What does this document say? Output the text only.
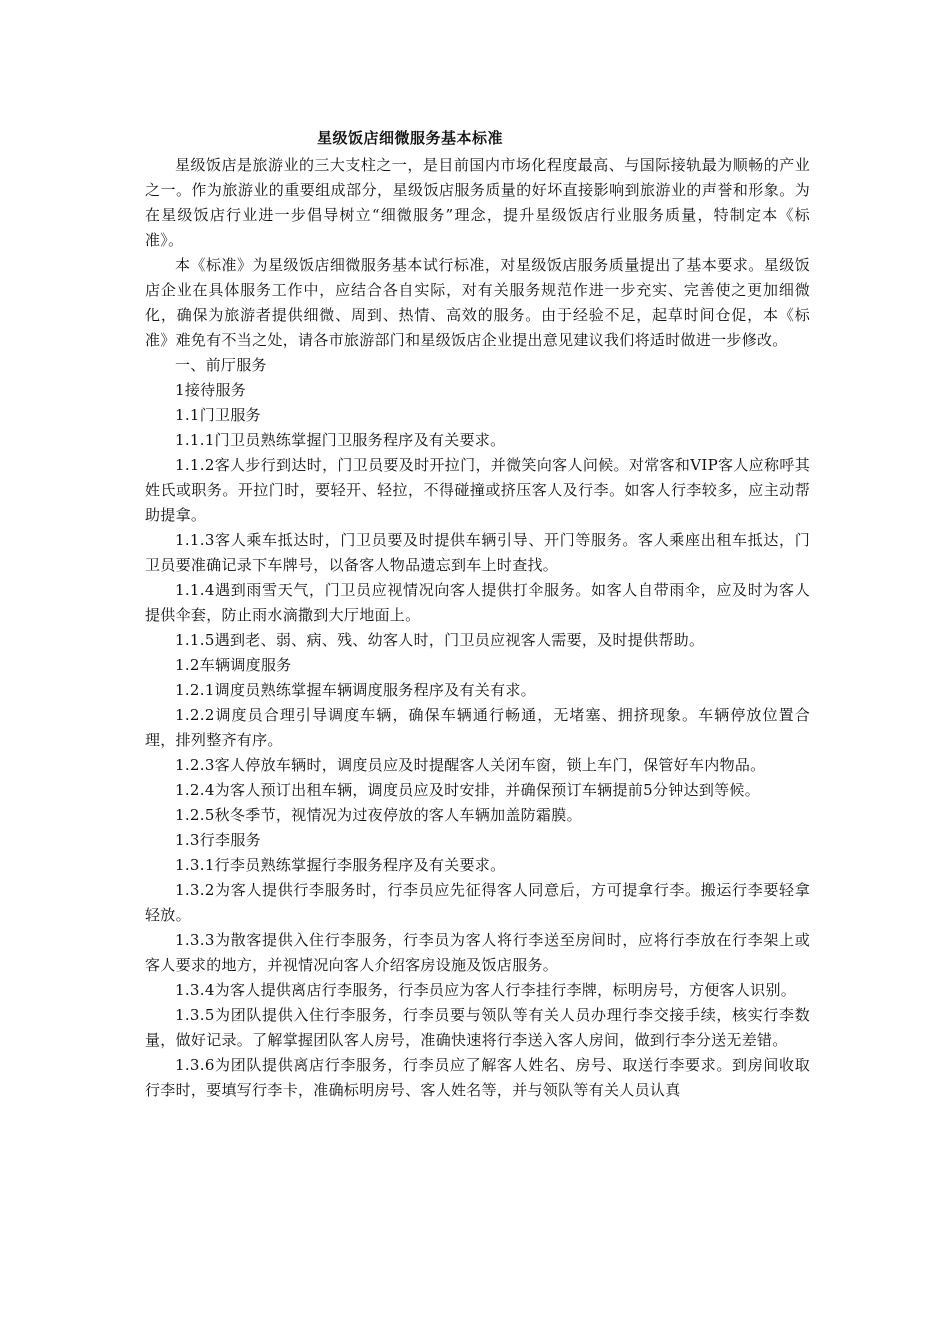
星级饭店细微服务基本标准

星级饭店是旅游业的三大支柱之一，是目前国内市场化程度最高、与国际接轨最为顺畅的产业之一。作为旅游业的重要组成部分，星级饭店服务质量的好坏直接影响到旅游业的声誉和形象。为在星级饭店行业进一步倡导树立“细微服务”理念，提升星级饭店行业服务质量，特制定本《标准》。

本《标准》为星级饭店细微服务基本试行标准，对星级饭店服务质量提出了基本要求。星级饭店企业在具体服务工作中，应结合各自实际，对有关服务规范作进一步充实、完善使之更加细微化，确保为旅游者提供细微、周到、热情、高效的服务。由于经验不足，起草时间仓促，本《标准》难免有不当之处，请各市旅游部门和星级饭店企业提出意见建议我们将适时做进一步修改。

一、前厅服务

1接待服务

1.1门卫服务

1.1.1门卫员熟练掌握门卫服务程序及有关要求。

1.1.2客人步行到达时，门卫员要及时开拉门，并微笑向客人问候。对常客和VIP客人应称呼其姓氏或职务。开拉门时，要轻开、轻拉，不得碰撞或挤压客人及行李。如客人行李较多，应主动帮助提拿。

1.1.3客人乘车抵达时，门卫员要及时提供车辆引导、开门等服务。客人乘座出租车抵达，门卫员要准确记录下车牌号，以备客人物品遗忘到车上时查找。

1.1.4遇到雨雪天气，门卫员应视情况向客人提供打伞服务。如客人自带雨伞，应及时为客人提供伞套，防止雨水滴撒到大厅地面上。

1.1.5遇到老、弱、病、残、幼客人时，门卫员应视客人需要，及时提供帮助。

1.2车辆调度服务

1.2.1调度员熟练掌握车辆调度服务程序及有关有求。

1.2.2调度员合理引导调度车辆，确保车辆通行畅通，无堵塞、拥挤现象。车辆停放位置合理，排列整齐有序。

1.2.3客人停放车辆时，调度员应及时提醒客人关闭车窗，锁上车门，保管好车内物品。

1.2.4为客人预订出租车辆，调度员应及时安排，并确保预订车辆提前5分钟达到等候。

1.2.5秋冬季节，视情况为过夜停放的客人车辆加盖防霜膜。

1.3行李服务

1.3.1行李员熟练掌握行李服务程序及有关要求。

1.3.2为客人提供行李服务时，行李员应先征得客人同意后，方可提拿行李。搬运行李要轻拿轻放。

1.3.3为散客提供入住行李服务，行李员为客人将行李送至房间时，应将行李放在行李架上或客人要求的地方，并视情况向客人介绍客房设施及饭店服务。

1.3.4为客人提供离店行李服务，行李员应为客人行李挂行李牌，标明房号，方便客人识别。

1.3.5为团队提供入住行李服务，行李员要与领队等有关人员办理行李交接手续，核实行李数量，做好记录。了解掌握团队客人房号，准确快速将行李送入客人房间，做到行李分送无差错。

1.3.6为团队提供离店行李服务，行李员应了解客人姓名、房号、取送行李要求。到房间收取行李时，要填写行李卡，准确标明房号、客人姓名等，并与领队等有关人员认真
